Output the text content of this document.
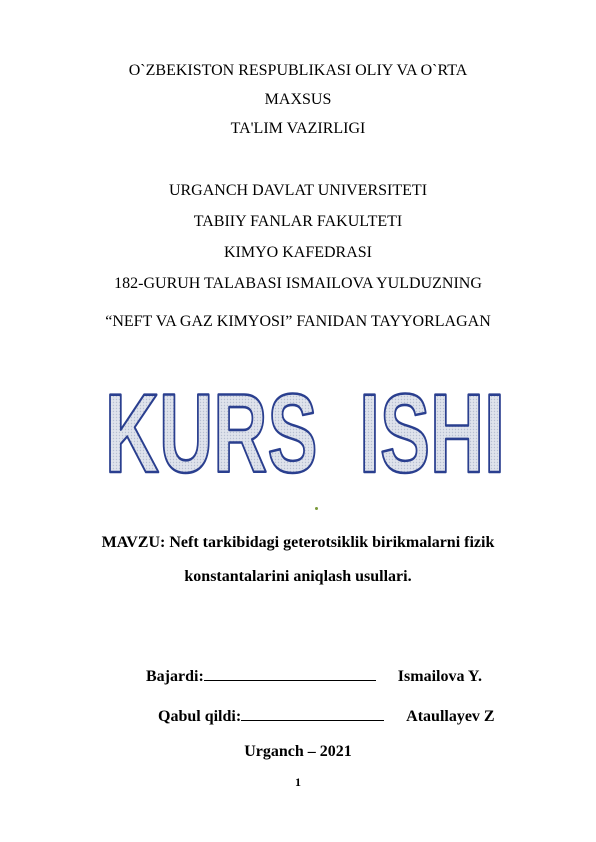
O`ZBEKISTON RESPUBLIKASI OLIY VA O`RTA
MAXSUS
TA'LIM VAZIRLIGI
URGANCH DAVLAT UNIVERSITETI
TABIIY FANLAR FAKULTETI
KIMYO KAFEDRASI
182-GURUH TALABASI ISMAILOVA YULDUZNING
“NEFT VA GAZ KIMYOSI” FANIDAN TAYYORLAGAN
KURS  ISHI
MAVZU: Neft tarkibidagi geterotsiklik birikmalarni fizik
konstantalarini aniqlash usullari.
Bajardi:	Ismailova Y.
Qabul qildi:	Ataullayev Z
Urganch – 2021
1
